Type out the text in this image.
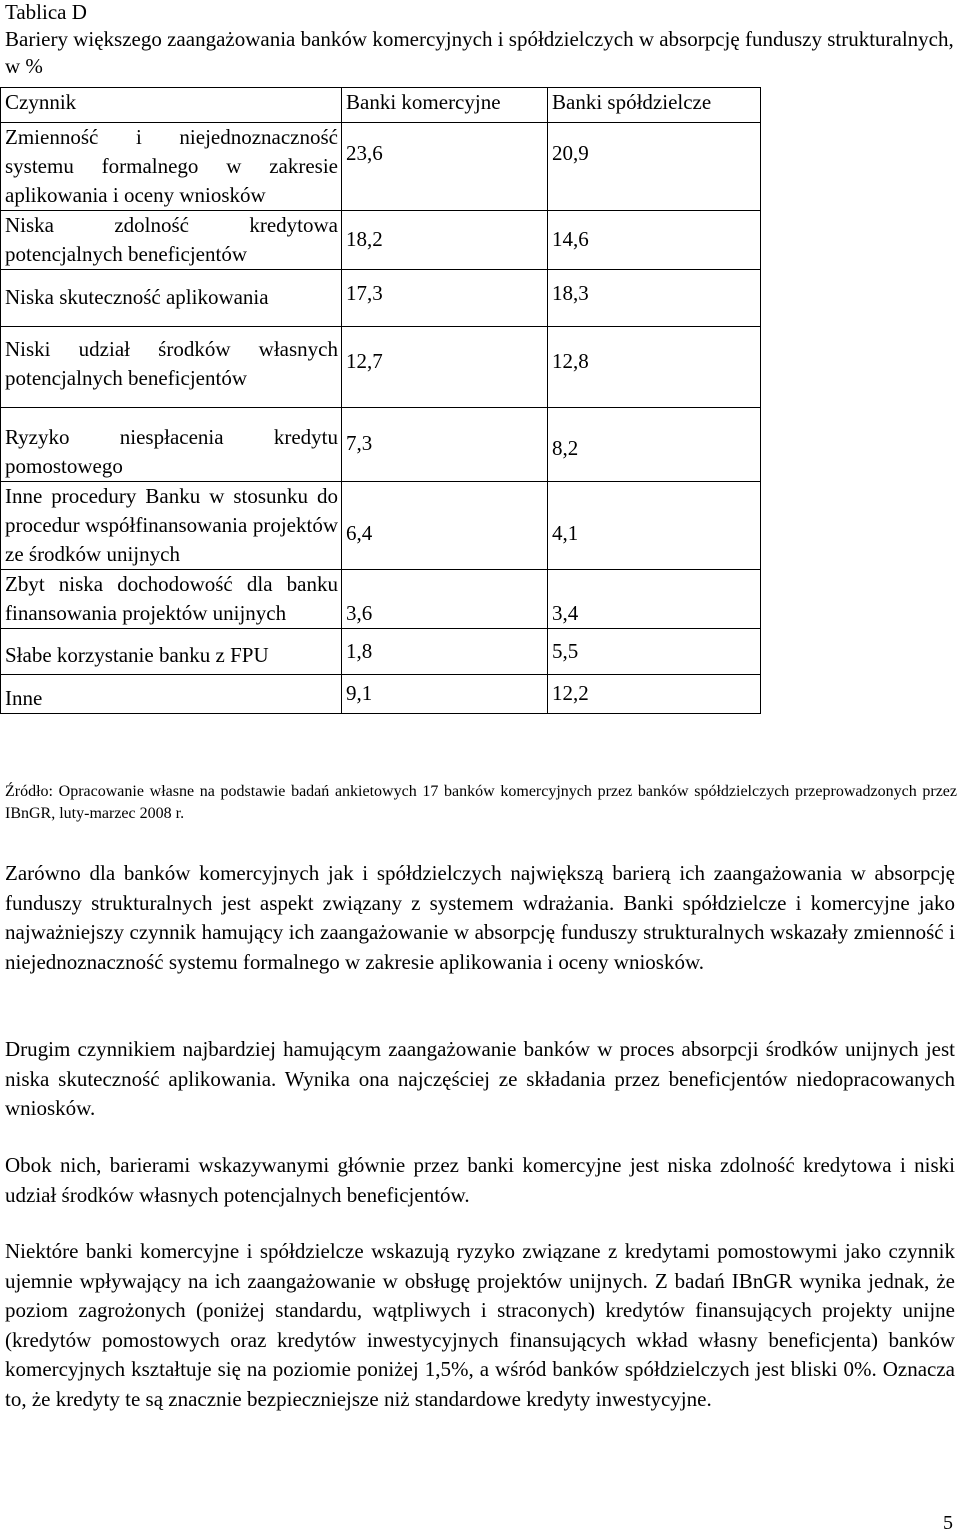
Tablica D
Bariery większego zaangażowania banków komercyjnych i spółdzielczych w absorpcję funduszy strukturalnych, w %
Czynnik	Banki komercyjne	Banki spółdzielcze
Zmienność i niejednoznaczność systemu formalnego w zakresie aplikowania i oceny wniosków	23,6	20,9
Niska zdolność kredytowa potencjalnych beneficjentów	18,2	14,6
Niska skuteczność aplikowania	17,3	18,3
Niski udział środków własnych potencjalnych beneficjentów	12,7	12,8
Ryzyko niespłacenia kredytu pomostowego	7,3	8,2
Inne procedury Banku w stosunku do procedur współfinansowania projektów ze środków unijnych	6,4	4,1
Zbyt niska dochodowość dla banku finansowania projektów unijnych	3,6	3,4
Słabe korzystanie banku z FPU	1,8	5,5
Inne	9,1	12,2
Źródło: Opracowanie własne na podstawie badań ankietowych 17 banków komercyjnych przez banków spółdzielczych przeprowadzonych przez IBnGR, luty-marzec 2008 r.

Zarówno dla banków komercyjnych jak i spółdzielczych największą barierą ich zaangażowania w absorpcję funduszy strukturalnych jest aspekt związany z systemem wdrażania. Banki spółdzielcze i komercyjne jako najważniejszy czynnik hamujący ich zaangażowanie w absorpcję funduszy strukturalnych wskazały zmienność i niejednoznaczność systemu formalnego w zakresie aplikowania i oceny wniosków.

Drugim czynnikiem najbardziej hamującym zaangażowanie banków w proces absorpcji środków unijnych jest niska skuteczność aplikowania. Wynika ona najczęściej ze składania przez beneficjentów niedopracowanych wniosków.

Obok nich, barierami wskazywanymi głównie przez banki komercyjne jest niska zdolność kredytowa i niski udział środków własnych potencjalnych beneficjentów.

Niektóre banki komercyjne i spółdzielcze wskazują ryzyko związane z kredytami pomostowymi jako czynnik ujemnie wpływający na ich zaangażowanie w obsługę projektów unijnych. Z badań IBnGR wynika jednak, że poziom zagrożonych (poniżej standardu, wątpliwych i straconych) kredytów finansujących projekty unijne (kredytów pomostowych oraz kredytów inwestycyjnych finansujących wkład własny beneficjenta) banków komercyjnych kształtuje się na poziomie poniżej 1,5%, a wśród banków spółdzielczych jest bliski 0%. Oznacza to, że kredyty te są znacznie bezpieczniejsze niż standardowe kredyty inwestycyjne.

5
